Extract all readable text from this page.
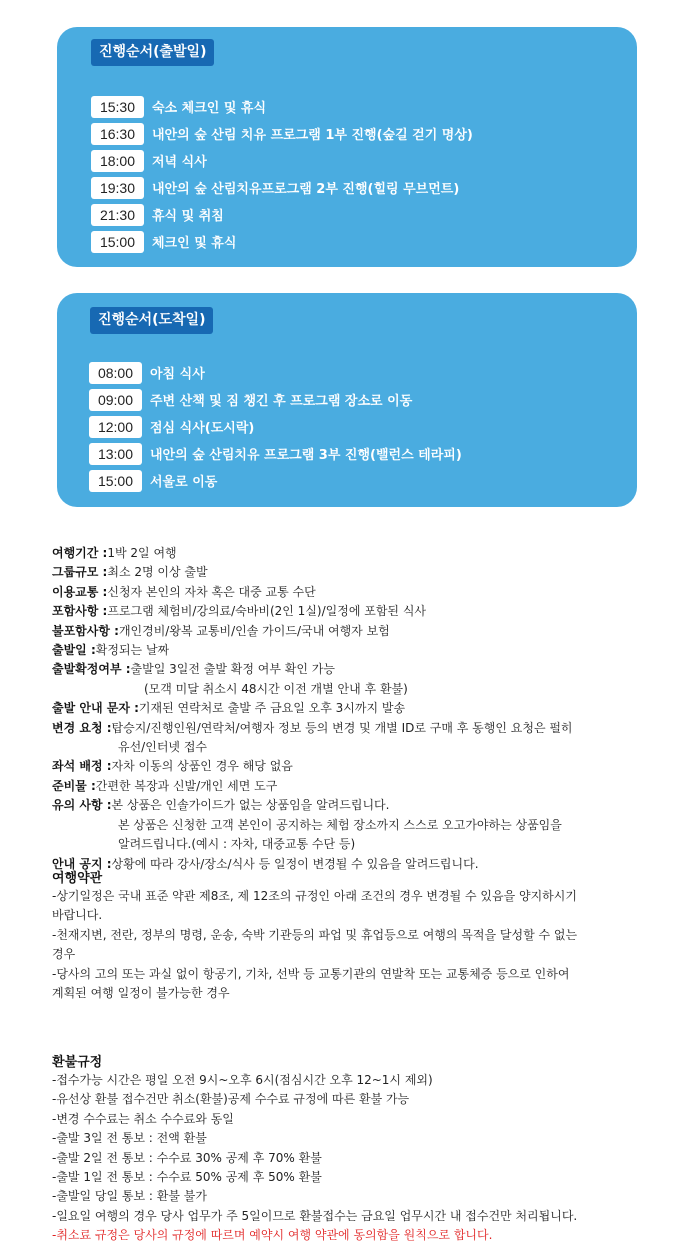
진행순서(출발일)
15:30	숙소 체크인 및 휴식
16:30	내안의 숲 산림 치유 프로그램 1부 진행(숲길 걷기 명상)
18:00	저녁 식사
19:30	내안의 숲 산림치유프로그램 2부 진행(힐링 무브먼트)
21:30	휴식 및 취침
15:00	체크인 및 휴식
진행순서(도착일)
08:00	아침 식사
09:00	주변 산책 및 짐 챙긴 후 프로그램 장소로 이동
12:00	점심 식사(도시락)
13:00	내안의 숲 산림치유 프로그램 3부 진행(밸런스 테라피)
15:00	서울로 이동
여행기간 : 1박 2일 여행
그룹규모 : 최소 2명 이상 출발
이용교통 : 신청자 본인의 자차 혹은 대중 교통 수단
포함사항 : 프로그램 체험비/강의료/숙바비(2인 1실)/일정에 포함된 식사
불포함사항 : 개인경비/왕복 교통비/인솔 가이드/국내 여행자 보험
출발일 : 확정되는 날짜
출발확정여부 : 출발일 3일전 출발 확정 여부 확인 가능
(모객 미달 취소시 48시간 이전 개별 안내 후 환불)
출발 안내 문자 : 기재된 연락처로 출발 주 금요일 오후 3시까지 발송
변경 요청 : 탑승지/진행인원/연락처/여행자 정보 등의 변경 및 개별 ID로 구매 후 동행인 요청은 펄히
유선/인터넷 접수
좌석 배정 : 자차 이동의 상품인 경우 해당 없음
준비물 : 간편한 복장과 신발/개인 세면 도구
유의 사항 : 본 상품은 인솔가이드가 없는 상품임을 알려드립니다.
본 상품은 신청한 고객 본인이 공지하는 체험 장소까지 스스로 오고가야하는 상품임을
알려드립니다.(예시 : 자차, 대중교통 수단 등)
안내 공지 : 상황에 따라 강사/장소/식사 등 일정이 변경될 수 있음을 알려드립니다.
여행약관
-상기일정은 국내 표준 약관 제8조, 제 12조의 규정인 아래 조건의 경우 변경될 수 있음을 양지하시기
바랍니다.
-천재지변, 전란, 정부의 명령, 운송, 숙박 기관등의 파업 및 휴업등으로 여행의 목적을 달성할 수 없는
경우
-당사의 고의 또는 과실 없이 항공기, 기차, 선박 등 교통기관의 연발착 또는 교통체증 등으로 인하여
계획된 여행 일정이 불가능한 경우
환불규정
-접수가능 시간은 평일 오전 9시~오후 6시(점심시간 오후 12~1시 제외)
-유선상 환불 접수건만 취소(환불)공제 수수료 규정에 따른 환불 가능
-변경 수수료는 취소 수수료와 동일
-출발 3일 전 통보 : 전액 환불
-출발 2일 전 통보 : 수수료 30% 공제 후 70% 환불
-출발 1일 전 통보 : 수수료 50% 공제 후 50% 환불
-출발일 당일 통보 : 환불 불가
-일요일 여행의 경우 당사 업무가 주 5일이므로 환불접수는 금요일 업무시간 내 접수건만 처리됩니다.
-취소료 규정은 당사의 규정에 따르며 예약시 여행 약관에 동의함을 원칙으로 합니다.
